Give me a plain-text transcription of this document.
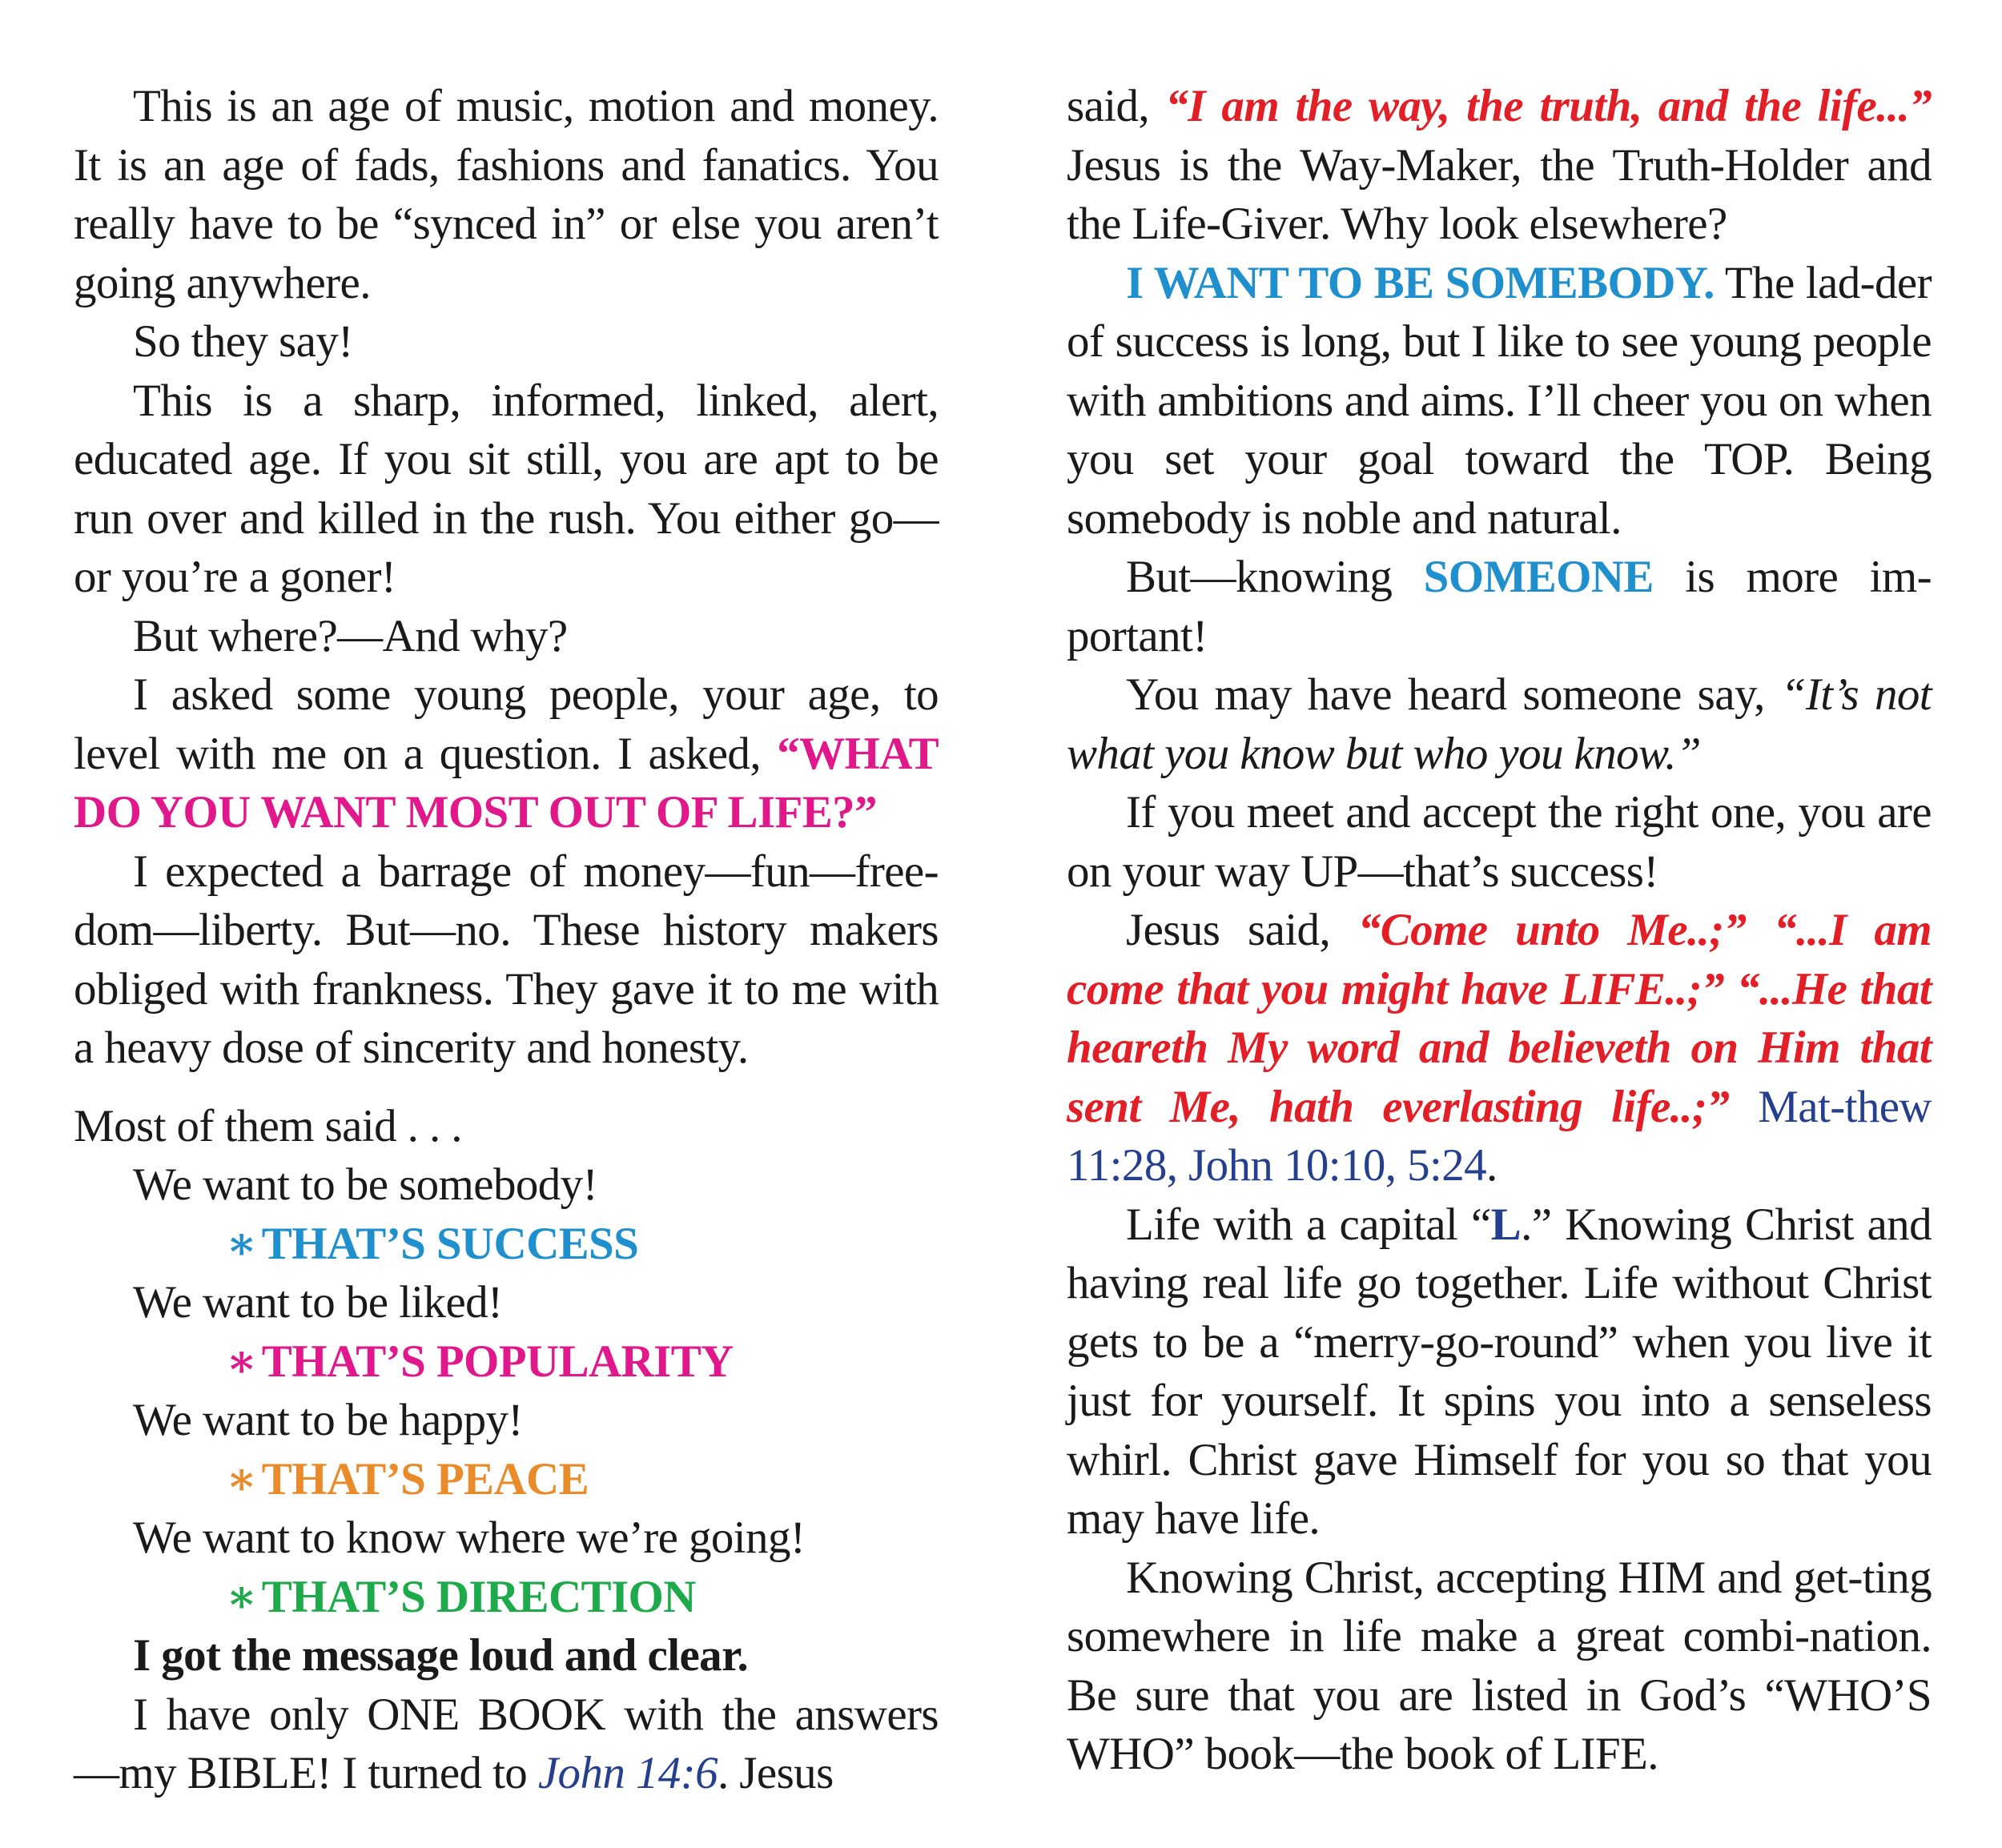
This is an age of music, motion and money. It is an age of fads, fashions and fanatics. You really have to be “synced in” or else you aren’t going anywhere.

So they say!

This is a sharp, informed, linked, alert, educated age. If you sit still, you are apt to be run over and killed in the rush. You either go—or you’re a goner!

But where?—And why?

I asked some young people, your age, to level with me on a question. I asked, “WHAT DO YOU WANT MOST OUT OF LIFE?”

I expected a barrage of money—fun—free-dom—liberty. But—no. These history makers obliged with frankness. They gave it to me with a heavy dose of sincerity and honesty.

Most of them said . . .

We want to be somebody!

∗ THAT’S SUCCESS

We want to be liked!

∗ THAT’S POPULARITY

We want to be happy!

∗ THAT’S PEACE

We want to know where we’re going!

∗ THAT’S DIRECTION

I got the message loud and clear.

I have only ONE BOOK with the answers —my BIBLE! I turned to John 14:6. Jesus

said, “I am the way, the truth, and the life...” Jesus is the Way-Maker, the Truth-Holder and the Life-Giver. Why look elsewhere?

I WANT TO BE SOMEBODY. The lad-der of success is long, but I like to see young people with ambitions and aims. I’ll cheer you on when you set your goal toward the TOP. Being somebody is noble and natural.

But—knowing SOMEONE is more im-portant!

You may have heard someone say, “It’s not what you know but who you know.”

If you meet and accept the right one, you are on your way UP—that’s success!

Jesus said, “Come unto Me..;” “...I am come that you might have LIFE..;” “...He that heareth My word and believeth on Him that sent Me, hath everlasting life..;” Mat-thew 11:28, John 10:10, 5:24.

Life with a capital “L.” Knowing Christ and having real life go together. Life without Christ gets to be a “merry-go-round” when you live it just for yourself. It spins you into a senseless whirl. Christ gave Himself for you so that you may have life.

Knowing Christ, accepting HIM and get-ting somewhere in life make a great combi-nation. Be sure that you are listed in God’s “WHO’S WHO” book—the book of LIFE.
